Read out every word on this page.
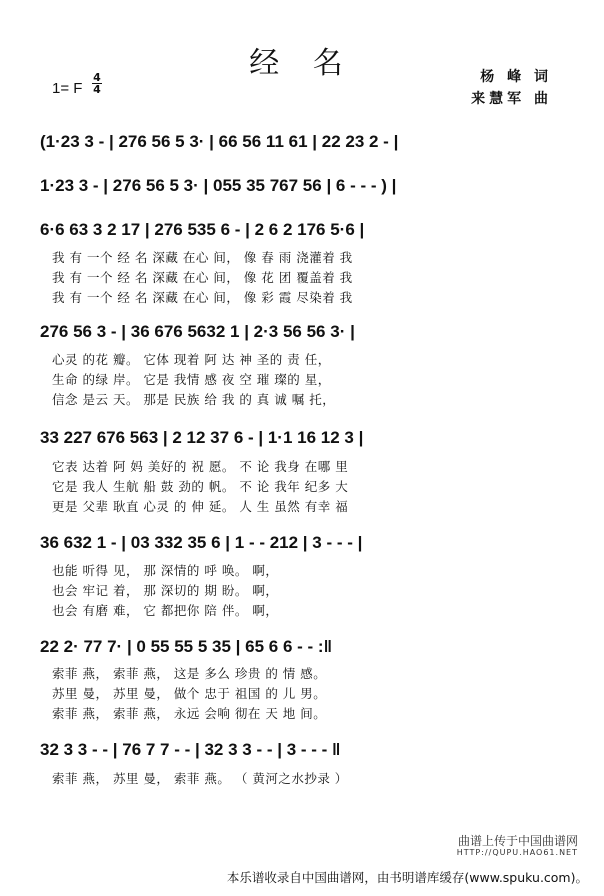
经 名
1= F
4
4
杨 峰 词
来慧军 曲
(1·23 3 - | 276 56 5 3· | 66 56 11 61 | 22 23 2 - |
1·23 3 - | 276 56 5 3· | 055 35 767 56 | 6 - - - ) |
6·6 63 3 2 17 | 276 535 6 - | 2 6 2 176 5·6 |
我 有 一个 经 名 深藏 在心 间， 像 春 雨 浇灌着 我
我 有 一个 经 名 深藏 在心 间， 像 花 团 覆盖着 我
我 有 一个 经 名 深藏 在心 间， 像 彩 霞 尽染着 我
276 56 3 - | 36 676 5632 1 | 2·3 56 56 3· |
心灵 的花 瓣。 它体 现着 阿 达 神 圣的 责 任，
生命 的绿 岸。 它是 我情 感 夜 空 璀 璨的 星，
信念 是云 天。 那是 民族 给 我 的 真 诚 嘱 托，
33 227 676 563 | 2 12 37 6 - | 1·1 16 12 3 |
它表 达着 阿 妈 美好的 祝 愿。 不 论 我身 在哪 里
它是 我人 生航 船 鼓 劲的 帆。 不 论 我年 纪多 大
更是 父辈 耿直 心灵 的 伸 延。 人 生 虽然 有幸 福
36 632 1 - | 03 332 35 6 | 1 - - 212 | 3 - - - |
也能 听得 见， 那 深情的 呼 唤。 啊，
也会 牢记 着， 那 深切的 期 盼。 啊，
也会 有磨 难， 它 都把你 陪 伴。 啊，
22 2· 77 7· | 0 55 55 5 35 | 65 6 6 - - :‖
索菲 燕， 索菲 燕， 这是 多么 珍贵 的 情 感。
苏里 曼， 苏里 曼， 做个 忠于 祖国 的 儿 男。
索菲 燕， 索菲 燕， 永远 会响 彻在 天 地 间。
32 3 3 - - | 76 7 7 - - | 32 3 3 - - | 3 - - - ‖
索菲 燕， 苏里 曼， 索菲 燕。 （ 黄河之水抄录 ）
曲谱上传于中国曲谱网
HTTP://QUPU.HAO61.NET
本乐谱收录自中国曲谱网，由书明谱库缓存(www.spuku.com)。
